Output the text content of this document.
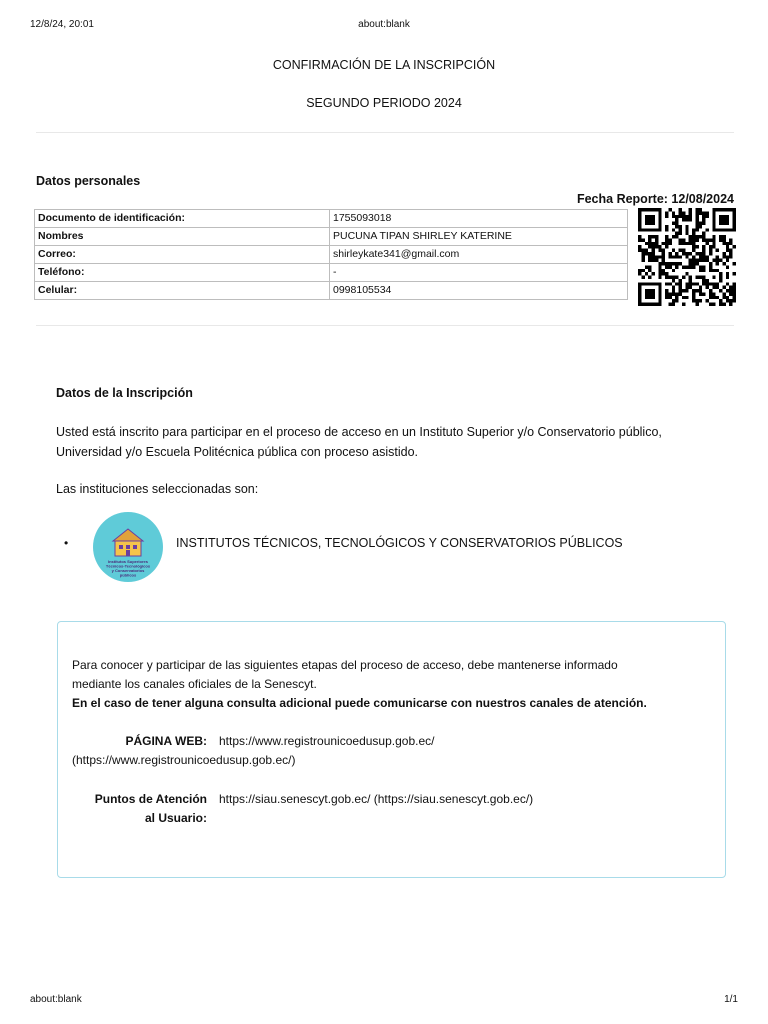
12/8/24, 20:01	about:blank
CONFIRMACIÓN DE LA INSCRIPCIÓN
SEGUNDO PERIODO 2024
Datos personales
Fecha Reporte: 12/08/2024
Documento de identificación:	1755093018
Nombres	PUCUNA TIPAN SHIRLEY KATERINE
Correo:	shirleykate341@gmail.com
Teléfono:	-
Celular:	0998105534
Datos de la Inscripción
Usted está inscrito para participar en el proceso de acceso en un Instituto Superior y/o Conservatorio público,
Universidad y/o Escuela Politécnica pública con proceso asistido.
Las instituciones seleccionadas son:
•
Institutos Superiores
Técnicos-Tecnológicos
y Conservatorios
públicos
INSTITUTOS TÉCNICOS, TECNOLÓGICOS Y CONSERVATORIOS PÚBLICOS
Para conocer y participar de las siguientes etapas del proceso de acceso, debe mantenerse informado
mediante los canales oficiales de la Senescyt.
En el caso de tener alguna consulta adicional puede comunicarse con nuestros canales de atención.
PÁGINA WEB: https://www.registrounicoedusup.gob.ec/
(https://www.registrounicoedusup.gob.ec/)
Puntos de Atención
al Usuario:
https://siau.senescyt.gob.ec/ (https://siau.senescyt.gob.ec/)
about:blank	1/1
